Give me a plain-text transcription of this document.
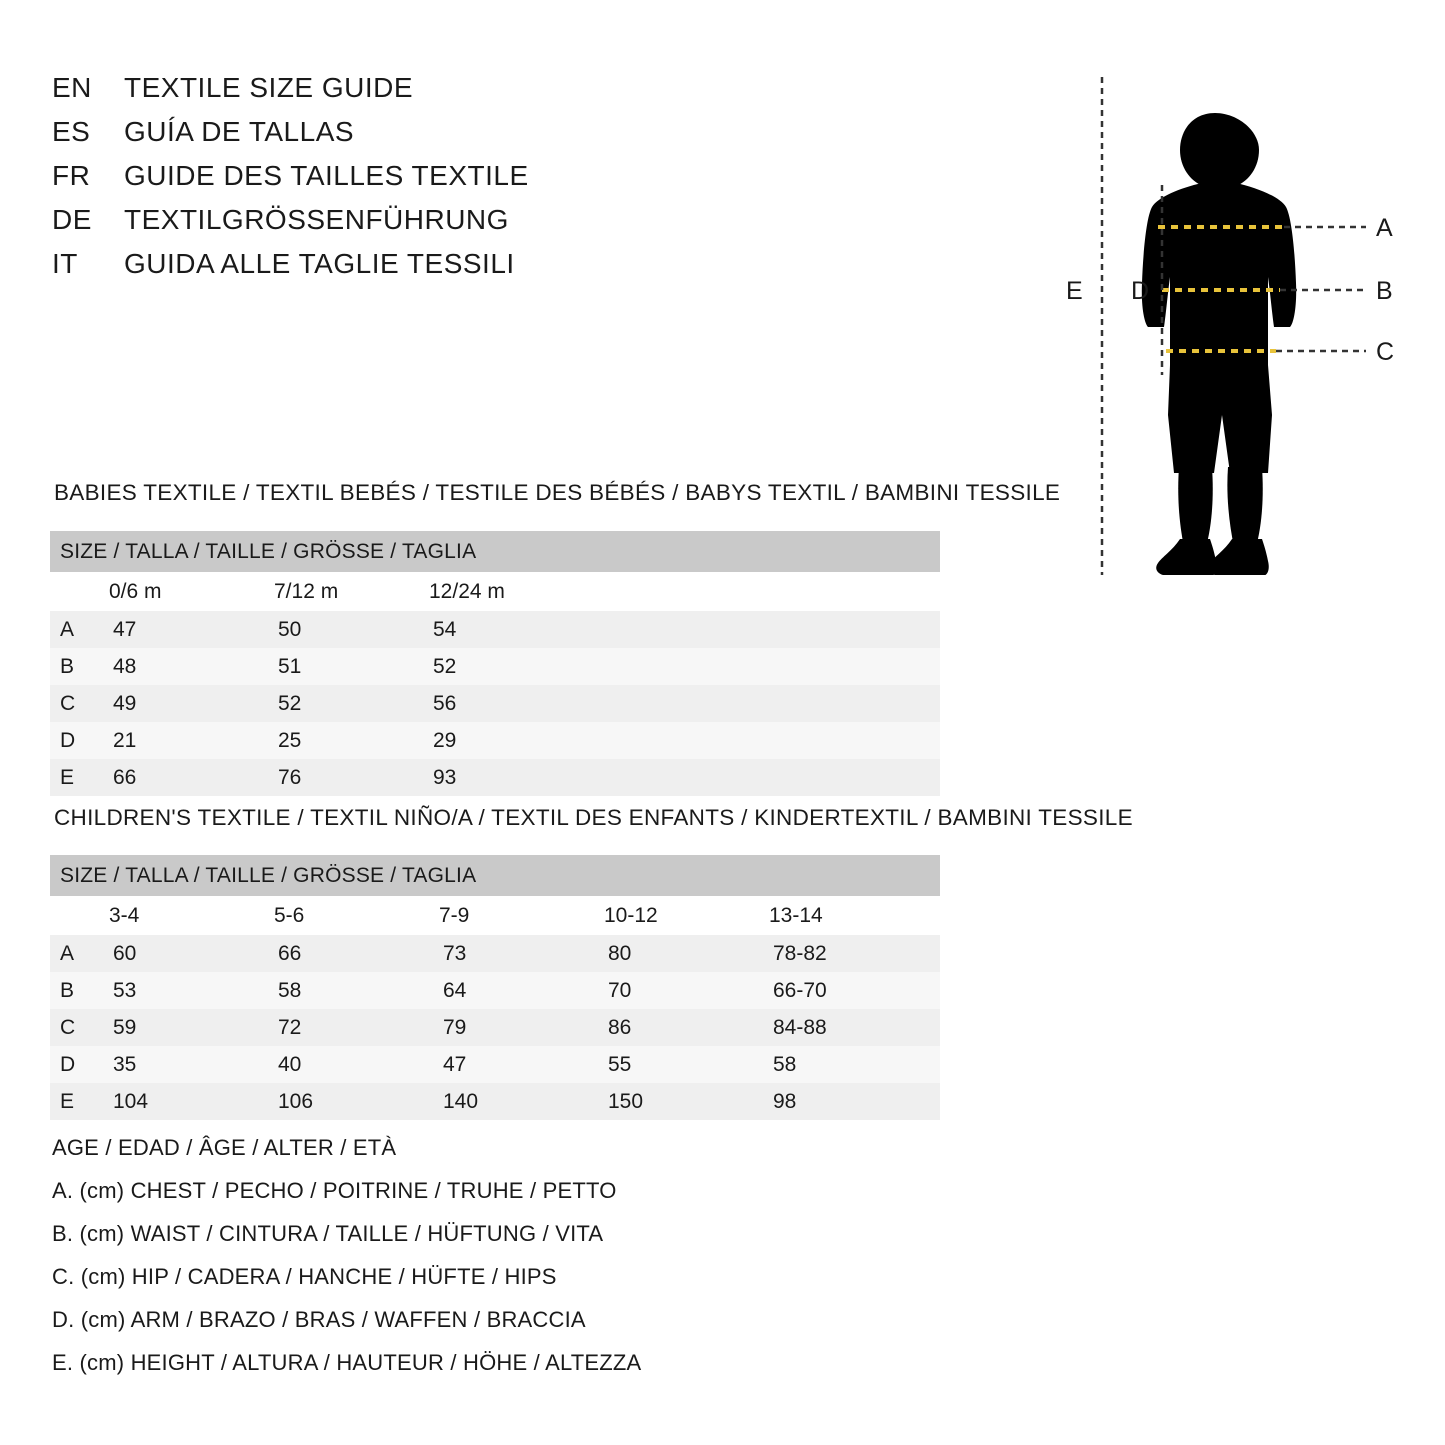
EN	TEXTILE SIZE GUIDE
ES	GUÍA DE TALLAS
FR	GUIDE DES TAILLES TEXTILE
DE	TEXTILGRÖSSENFÜHRUNG
IT	GUIDA ALLE TAGLIE TESSILI
A
B
C
D
E
BABIES TEXTILE / TEXTIL BEBÉS / TESTILE DES BÉBÉS / BABYS TEXTIL / BAMBINI TESSILE
SIZE / TALLA / TAILLE / GRÖSSE / TAGLIA			

	0/6 m	7/12 m	12/24 m

A	47	50	54

B	48	51	52

C	49	52	56

D	21	25	29

E	66	76	93
CHILDREN'S TEXTILE / TEXTIL NIÑO/A / TEXTIL DES ENFANTS / KINDERTEXTIL / BAMBINI TESSILE
SIZE / TALLA / TAILLE / GRÖSSE / TAGLIA					

	3-4	5-6	7-9	10-12	13-14

A	60	66	73	80	78-82

B	53	58	64	70	66-70

C	59	72	79	86	84-88

D	35	40	47	55	58

E	104	106	140	150	98
AGE / EDAD / ÂGE / ALTER / ETÀ
A. (cm) CHEST / PECHO / POITRINE / TRUHE / PETTO
B. (cm) WAIST / CINTURA / TAILLE / HÜFTUNG / VITA
C. (cm) HIP / CADERA / HANCHE / HÜFTE / HIPS
D. (cm) ARM / BRAZO / BRAS / WAFFEN / BRACCIA
E. (cm) HEIGHT / ALTURA / HAUTEUR / HÖHE / ALTEZZA
